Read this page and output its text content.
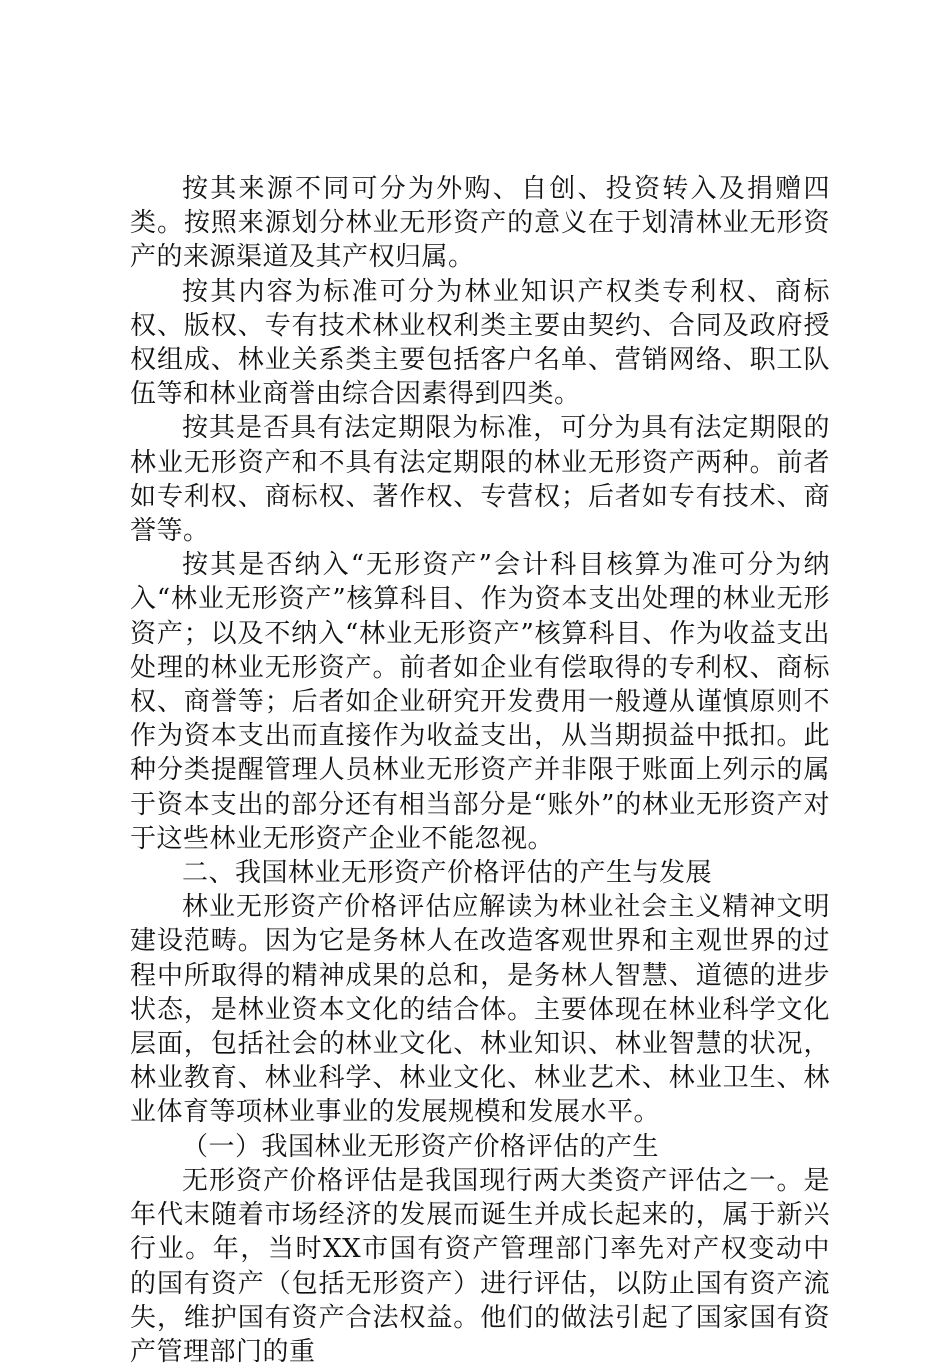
按其来源不同可分为外购、自创、投资转入及捐赠四类。按照来源划分林业无形资产的意义在于划清林业无形资产的来源渠道及其产权归属。

按其内容为标准可分为林业知识产权类专利权、商标权、版权、专有技术林业权利类主要由契约、合同及政府授权组成、林业关系类主要包括客户名单、营销网络、职工队伍等和林业商誉由综合因素得到四类。

按其是否具有法定期限为标准，可分为具有法定期限的林业无形资产和不具有法定期限的林业无形资产两种。前者如专利权、商标权、著作权、专营权；后者如专有技术、商誉等。

按其是否纳入“无形资产”会计科目核算为准可分为纳入“林业无形资产”核算科目、作为资本支出处理的林业无形资产；以及不纳入“林业无形资产”核算科目、作为收益支出处理的林业无形资产。前者如企业有偿取得的专利权、商标权、商誉等；后者如企业研究开发费用一般遵从谨慎原则不作为资本支出而直接作为收益支出，从当期损益中抵扣。此种分类提醒管理人员林业无形资产并非限于账面上列示的属于资本支出的部分还有相当部分是“账外”的林业无形资产对于这些林业无形资产企业不能忽视。

二、我国林业无形资产价格评估的产生与发展

林业无形资产价格评估应解读为林业社会主义精神文明建设范畴。因为它是务林人在改造客观世界和主观世界的过程中所取得的精神成果的总和，是务林人智慧、道德的进步状态，是林业资本文化的结合体。主要体现在林业科学文化层面，包括社会的林业文化、林业知识、林业智慧的状况，林业教育、林业科学、林业文化、林业艺术、林业卫生、林业体育等项林业事业的发展规模和发展水平。

（一）我国林业无形资产价格评估的产生

无形资产价格评估是我国现行两大类资产评估之一。是年代末随着市场经济的发展而诞生并成长起来的，属于新兴行业。年，当时XX市国有资产管理部门率先对产权变动中的国有资产（包括无形资产）进行评估，以防止国有资产流失，维护国有资产合法权益。他们的做法引起了国家国有资产管理部门的重
